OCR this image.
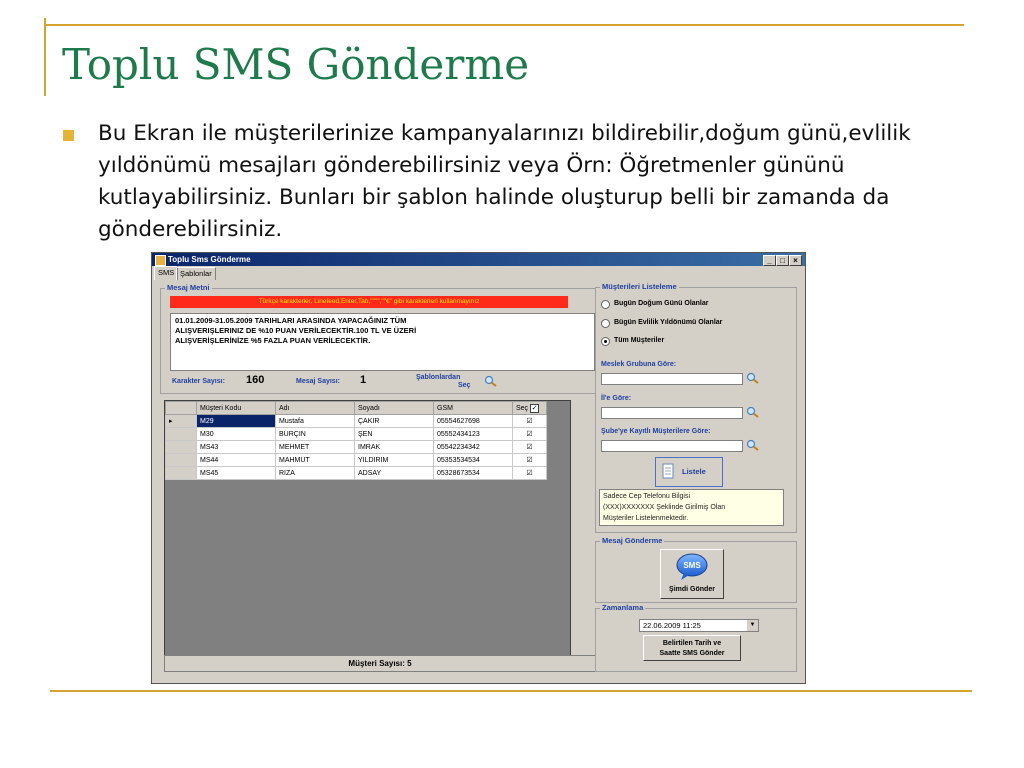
Toplu SMS Gönderme
Bu Ekran ile müşterilerinize kampanyalarınızı bildirebilir,doğum günü,evlilik yıldönümü mesajları gönderebilirsiniz veya Örn: Öğretmenler gününü kutlayabilirsiniz. Bunları bir şablon halinde oluşturup belli bir zamanda da gönderebilirsiniz.
Toplu Sms Gönderme	_	□	×
SMS Şablonlar
Mesaj Metni
Türkçe karakterler, Linefeed,Enter,Tab,"'"'",""€" gibi karakterleri kullanmayınız
01.01.2009-31.05.2009 TARIHLARI ARASINDA YAPACAĞINIZ TÜM
ALIŞVERIŞLERINIZ DE %10 PUAN VERİLECEKTİR.100 TL VE ÜZERİ
ALIŞVERİŞLERİNİZE %5 FAZLA PUAN VERİLECEKTİR.
Karakter Sayısı: 160	Mesaj Sayısı: 1	Şablonlardan
Seç
	Müşteri Kodu	Adı	Soyadı	GSM	Seç ✓
▸	M29	Mustafa	ÇAKIR	05554627698	☑
	M30	BURÇIN	ŞEN	05552434123	☑
	MS43	MEHMET	IMRAK	05542234342	☑
	MS44	MAHMUT	YILDIRIM	05353534534	☑
	MS45	RIZA	ADSAY	05328673534	☑
Müşteri Sayısı: 5
Müşterileri Listeleme
Bugün Doğum Günü Olanlar
Bügün Evlilik Yıldönümü Olanlar
Tüm Müşteriler
Meslek Grubuna Göre:
İl'e Göre:
Şube'ye Kayıtlı Müşterilere Göre:
Listele
Sadece Cep Telefonu Bilgisi
(XXX)XXXXXXX Şeklinde Girilmiş Olan
Müşteriler Listelenmektedir.
Mesaj Gönderme
SMS
Şimdi Gönder
Zamanlama
22.06.2009 11:25	▼
Belirtilen Tarih ve
Saatte SMS Gönder
